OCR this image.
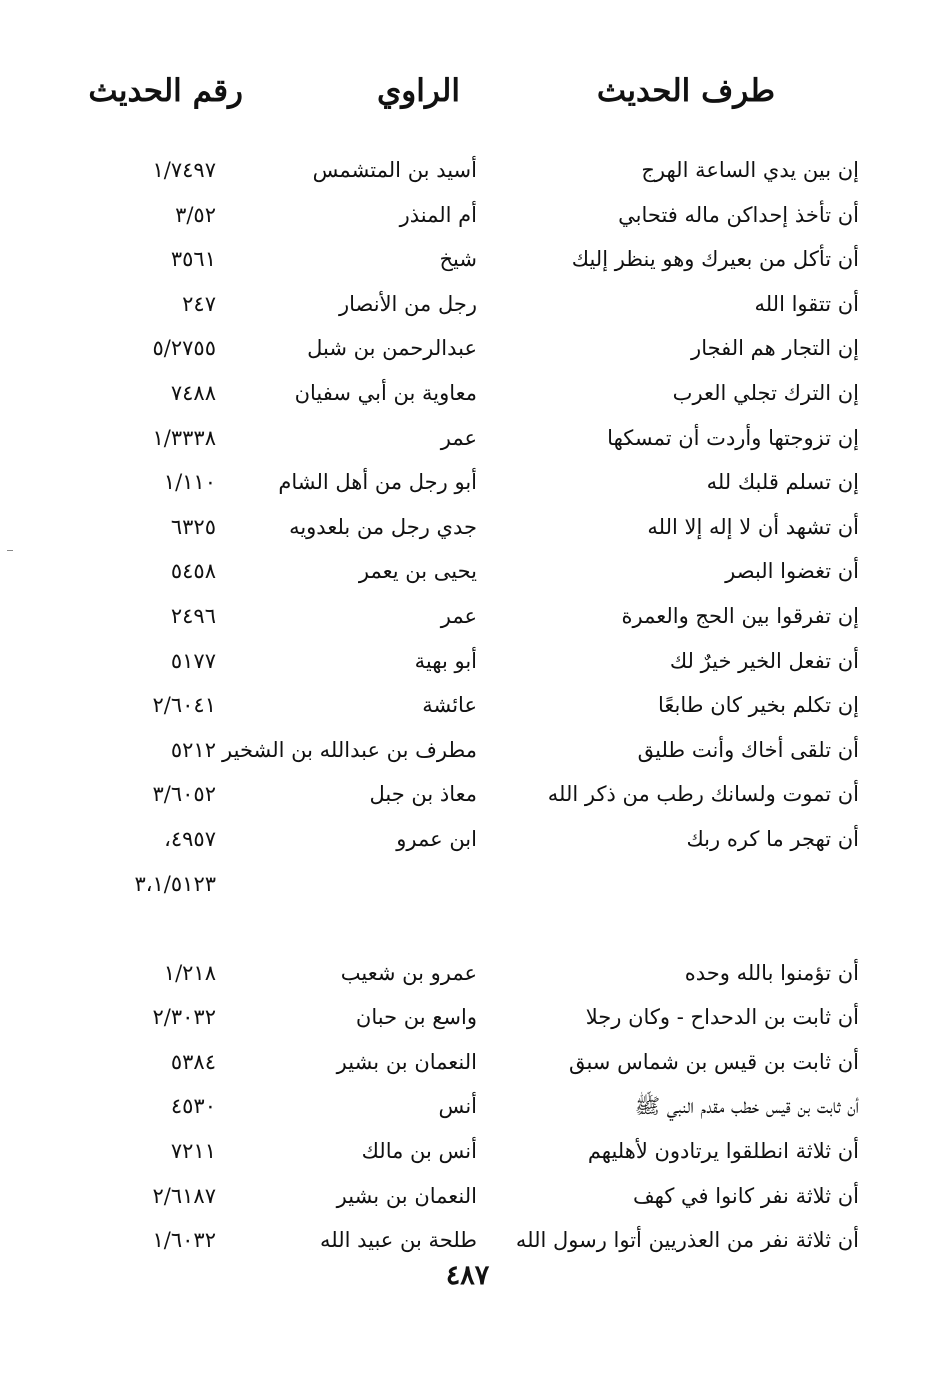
طرف الحديث
الراوي
رقم الحديث
إن بين يدي الساعة الهرج
أسيد بن المتشمس
١/٧٤٩٧
أن تأخذ إحداكن ماله فتحابي
أم المنذر
٣/٥٢
أن تأكل من بعيرك وهو ينظر إليك
شيخ
٣٥٦١
أن تتقوا الله
رجل من الأنصار
٢٤٧
إن التجار هم الفجار
عبدالرحمن بن شبل
٥/٢٧٥٥
إن الترك تجلي العرب
معاوية بن أبي سفيان
٧٤٨٨
إن تزوجتها وأردت أن تمسكها
عمر
١/٣٣٣٨
إن تسلم قلبك لله
أبو رجل من أهل الشام
١/١١٠
أن تشهد أن لا إله إلا الله
جدي رجل من بلعدويه
٦٣٢٥
أن تغضوا البصر
يحيى بن يعمر
٥٤٥٨
إن تفرقوا بين الحج والعمرة
عمر
٢٤٩٦
أن تفعل الخير خيرٌ لك
أبو بهية
٥١٧٧
إن تكلم بخير كان طابعًا
عائشة
٢/٦٠٤١
أن تلقى أخاك وأنت طليق
مطرف بن عبدالله بن الشخير
٥٢١٢
أن تموت ولسانك رطب من ذكر الله
معاذ بن جبل
٣/٦٠٥٢
أن تهجر ما كره ربك
ابن عمرو
،٤٩٥٧
٣،١/٥١٢٣
أن تؤمنوا بالله وحده
عمرو بن شعيب
١/٢١٨
أن ثابت بن الدحداح - وكان رجلا
واسع بن حبان
٢/٣٠٣٢
أن ثابت بن قيس بن شماس سبق
النعمان بن بشير
٥٣٨٤
أن ثابت بن قيس خطب مقدم النبي ﷺ
أنس
٤٥٣٠
أن ثلاثة انطلقوا يرتادون لأهليهم
أنس بن مالك
٧٢١١
أن ثلاثة نفر كانوا في كهف
النعمان بن بشير
٢/٦١٨٧
أن ثلاثة نفر من العذريين أتوا رسول الله
طلحة بن عبيد الله
١/٦٠٣٢
٤٨٧
